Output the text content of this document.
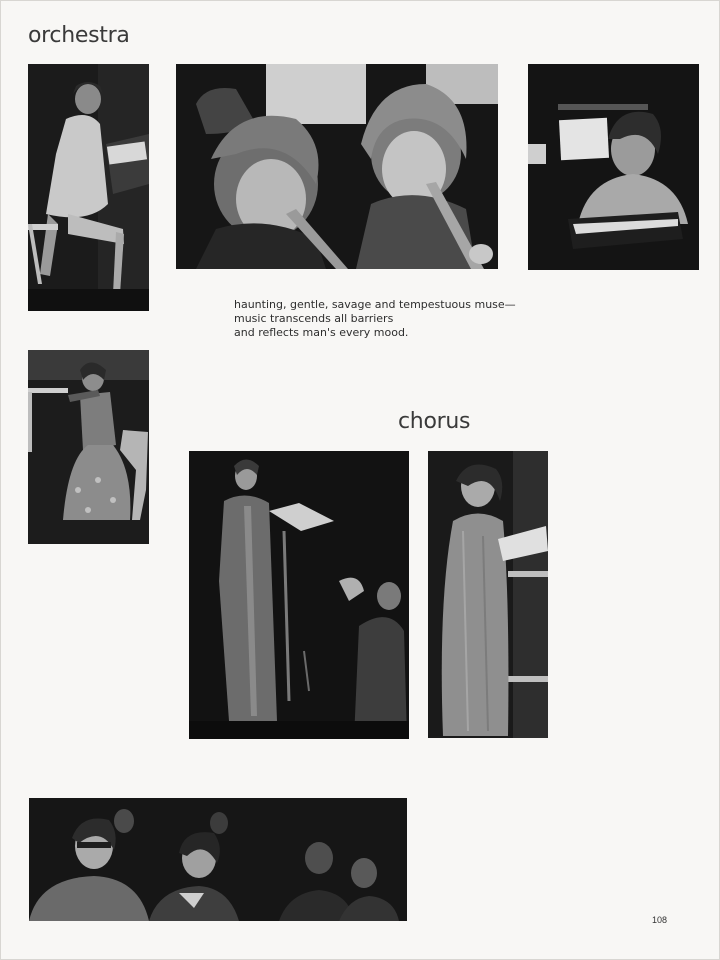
orchestra
haunting, gentle, savage and tempestuous muse—
music transcends all barriers
and reflects man's every mood.
chorus
108
